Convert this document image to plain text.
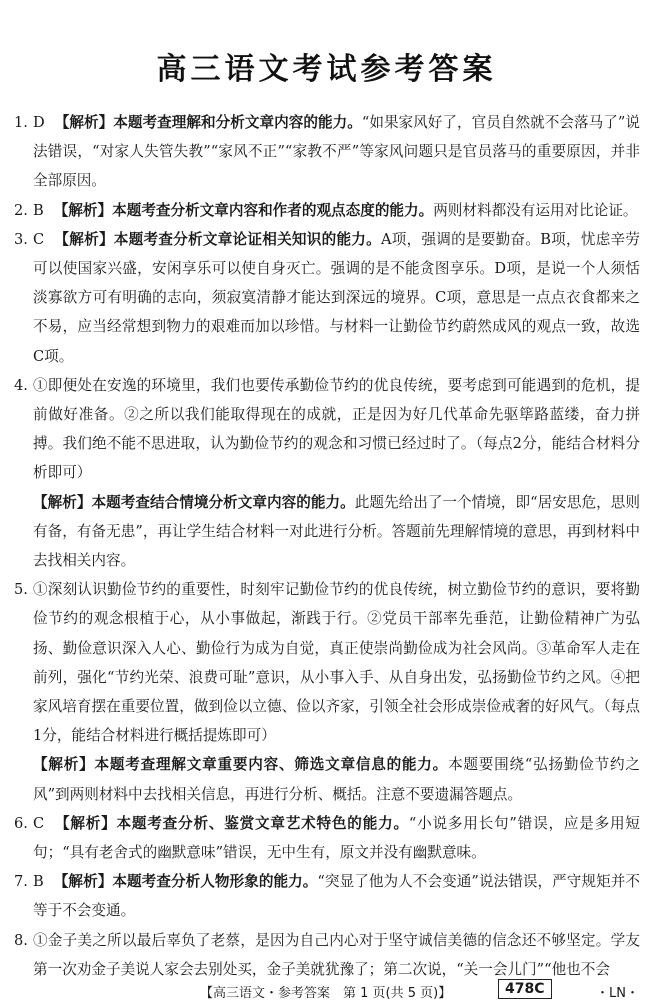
高三语文考试参考答案

1. D 【解析】本题考查理解和分析文章内容的能力。“如果家风好了，官员自然就不会落马了”说法错误，“对家人失管失教”“家风不正”“家教不严”等家风问题只是官员落马的重要原因，并非全部原因。

2. B 【解析】本题考查分析文章内容和作者的观点态度的能力。两则材料都没有运用对比论证。

3. C 【解析】本题考查分析文章论证相关知识的能力。A项，强调的是要勤奋。B项，忧虑辛劳可以使国家兴盛，安闲享乐可以使自身灭亡。强调的是不能贪图享乐。D项，是说一个人须恬淡寡欲方可有明确的志向，须寂寞清静才能达到深远的境界。C项，意思是一点点衣食都来之不易，应当经常想到物力的艰难而加以珍惜。与材料一让勤俭节约蔚然成风的观点一致，故选C项。

4. ①即便处在安逸的环境里，我们也要传承勤俭节约的优良传统，要考虑到可能遇到的危机，提前做好准备。②之所以我们能取得现在的成就，正是因为好几代革命先驱筚路蓝缕，奋力拼搏。我们绝不能不思进取，认为勤俭节约的观念和习惯已经过时了。（每点2分，能结合材料分析即可）

【解析】本题考查结合情境分析文章内容的能力。此题先给出了一个情境，即“居安思危，思则有备，有备无患”，再让学生结合材料一对此进行分析。答题前先理解情境的意思，再到材料中去找相关内容。

5. ①深刻认识勤俭节约的重要性，时刻牢记勤俭节约的优良传统，树立勤俭节约的意识，要将勤俭节约的观念根植于心，从小事做起，渐践于行。②党员干部率先垂范，让勤俭精神广为弘扬、勤俭意识深入人心、勤俭行为成为自觉，真正使崇尚勤俭成为社会风尚。③革命军人走在前列，强化“节约光荣、浪费可耻”意识，从小事入手、从自身出发，弘扬勤俭节约之风。④把家风培育摆在重要位置，做到俭以立德、俭以齐家，引领全社会形成崇俭戒奢的好风气。（每点1分，能结合材料进行概括提炼即可）

【解析】本题考查理解文章重要内容、筛选文章信息的能力。本题要围绕“弘扬勤俭节约之风”到两则材料中去找相关信息，再进行分析、概括。注意不要遗漏答题点。

6. C 【解析】本题考查分析、鉴赏文章艺术特色的能力。“小说多用长句”错误，应是多用短句；“具有老舍式的幽默意味”错误，无中生有，原文并没有幽默意味。

7. B 【解析】本题考查分析人物形象的能力。“突显了他为人不会变通”说法错误，严守规矩并不等于不会变通。

8. ①金子美之所以最后辜负了老蔡，是因为自己内心对于坚守诚信美德的信念还不够坚定。学友第一次劝金子美说人家会去别处买，金子美就犹豫了；第二次说，“关一会儿门”“他也不会

【高三语文・参考答案　第 1 页(共 5 页)】	478C	・LN・
